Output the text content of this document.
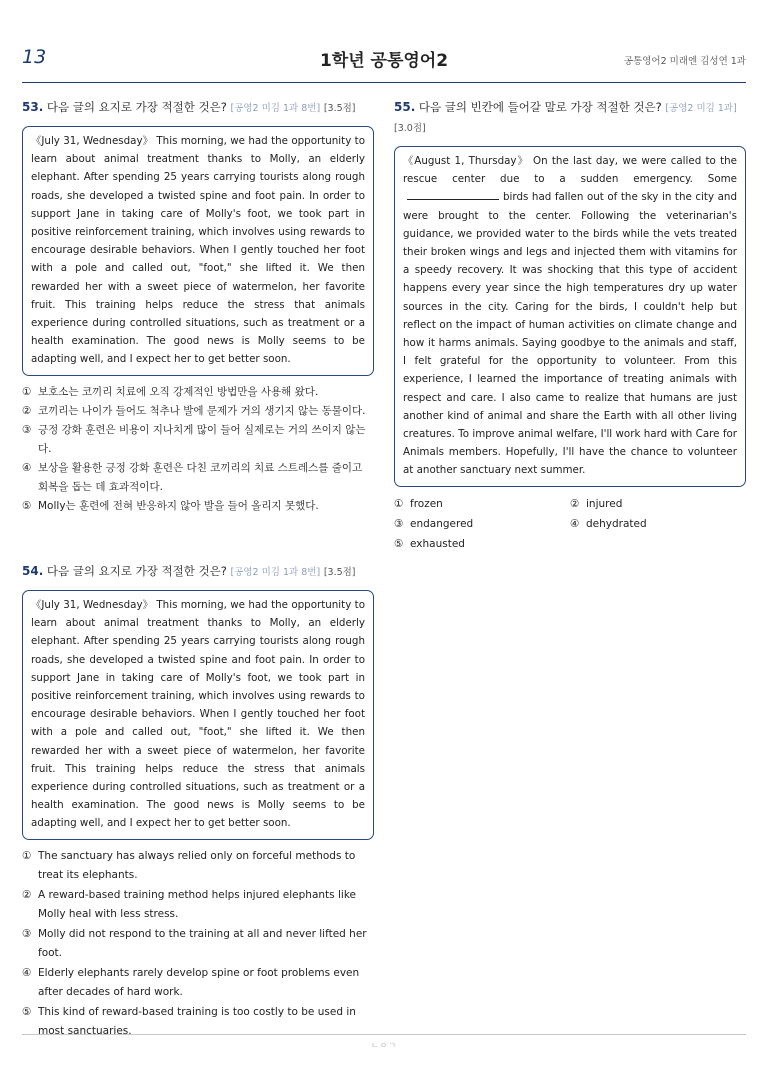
13	1학년 공통영어2	공통영어2 미래엔 김성연 1과
53. 다음 글의 요지로 가장 적절한 것은? [공영2 미김 1과 8번] [3.5점]
《July 31, Wednesday》 This morning, we had the opportunity to learn about animal treatment thanks to Molly, an elderly elephant. After spending 25 years carrying tourists along rough roads, she developed a twisted spine and foot pain. In order to support Jane in taking care of Molly's foot, we took part in positive reinforcement training, which involves using rewards to encourage desirable behaviors. When I gently touched her foot with a pole and called out, "foot," she lifted it. We then rewarded her with a sweet piece of watermelon, her favorite fruit. This training helps reduce the stress that animals experience during controlled situations, such as treatment or a health examination. The good news is Molly seems to be adapting well, and I expect her to get better soon.
① 보호소는 코끼리 치료에 오직 강제적인 방법만을 사용해 왔다.
② 코끼리는 나이가 들어도 척추나 발에 문제가 거의 생기지 않는 동물이다.
③ 긍정 강화 훈련은 비용이 지나치게 많이 들어 실제로는 거의 쓰이지 않는다.
④ 보상을 활용한 긍정 강화 훈련은 다친 코끼리의 치료 스트레스를 줄이고 회복을 돕는 데 효과적이다.
⑤ Molly는 훈련에 전혀 반응하지 않아 발을 들어 올리지 못했다.
54. 다음 글의 요지로 가장 적절한 것은? [공영2 미김 1과 8번] [3.5점]
《July 31, Wednesday》 This morning, we had the opportunity to learn about animal treatment thanks to Molly, an elderly elephant. After spending 25 years carrying tourists along rough roads, she developed a twisted spine and foot pain. In order to support Jane in taking care of Molly's foot, we took part in positive reinforcement training, which involves using rewards to encourage desirable behaviors. When I gently touched her foot with a pole and called out, "foot," she lifted it. We then rewarded her with a sweet piece of watermelon, her favorite fruit. This training helps reduce the stress that animals experience during controlled situations, such as treatment or a health examination. The good news is Molly seems to be adapting well, and I expect her to get better soon.
① The sanctuary has always relied only on forceful methods to treat its elephants.
② A reward-based training method helps injured elephants like Molly heal with less stress.
③ Molly did not respond to the training at all and never lifted her foot.
④ Elderly elephants rarely develop spine or foot problems even after decades of hard work.
⑤ This kind of reward-based training is too costly to be used in most sanctuaries.
55. 다음 글의 빈칸에 들어갈 말로 가장 적절한 것은? [공영2 미김 1과] [3.0점]
《August 1, Thursday》 On the last day, we were called to the rescue center due to a sudden emergency. Somebirds had fallen out of the sky in the city and were brought to the center. Following the veterinarian's guidance, we provided water to the birds while the vets treated their broken wings and legs and injected them with vitamins for a speedy recovery. It was shocking that this type of accident happens every year since the high temperatures dry up water sources in the city. Caring for the birds, I couldn't help but reflect on the impact of human activities on climate change and how it harms animals. Saying goodbye to the animals and staff, I felt grateful for the opportunity to volunteer. From this experience, I learned the importance of treating animals with respect and care. I also came to realize that humans are just another kind of animal and share the Earth with all other living creatures. To improve animal welfare, I'll work hard with Care for Animals members. Hopefully, I'll have the chance to volunteer at another sanctuary next summer.
① frozen	② injured
③ endangered	④ dehydrated
⑤ exhausted
ㄴㅇㄱ
